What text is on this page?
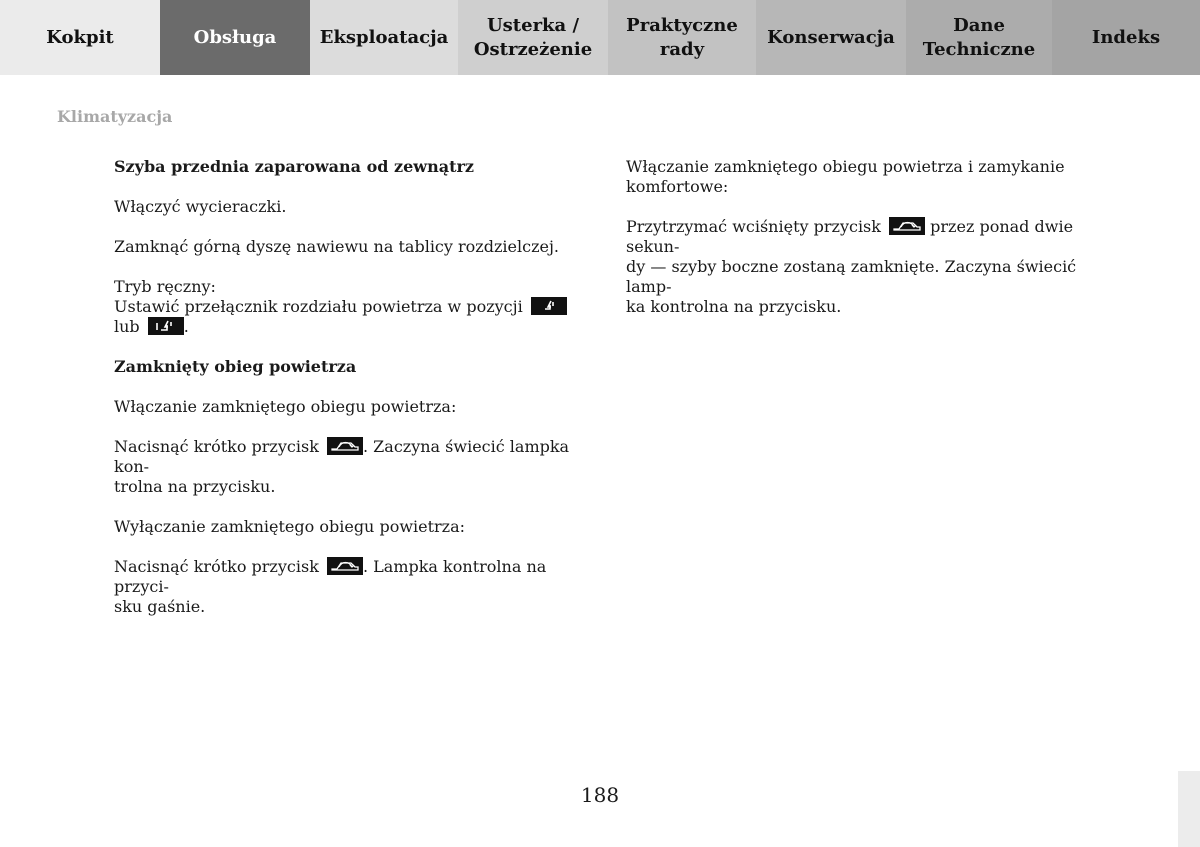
Kokpit	Obsługa	Eksploatacja
Usterka /
Ostrzeżenie
Praktyczne
rady
Konserwacja
Dane
Techniczne
Indeks
Klimatyzacja

Szyba przednia zaparowana od zewnątrz

Włączyć wycieraczki.

Zamknąć górną dyszę nawiewu na tablicy rozdzielczej.

Tryb ręczny:
Ustawić przełącznik rozdziału powietrza w pozycji

lub	.

Zamknięty obieg powietrza

Włączanie zamkniętego obiegu powietrza:

Nacisnąć krótko przycisk	. Zaczyna świecić lampka kon-
trolna na przycisku.

Wyłączanie zamkniętego obiegu powietrza:

Nacisnąć krótko przycisk	. Lampka kontrolna na przyci-
sku gaśnie.

Włączanie zamkniętego obiegu powietrza i zamykanie
komfortowe:

Przytrzymać wciśnięty przycisk	przez ponad dwie sekun-
dy — szyby boczne zostaną zamknięte. Zaczyna świecić lamp-
ka kontrolna na przycisku.

188
